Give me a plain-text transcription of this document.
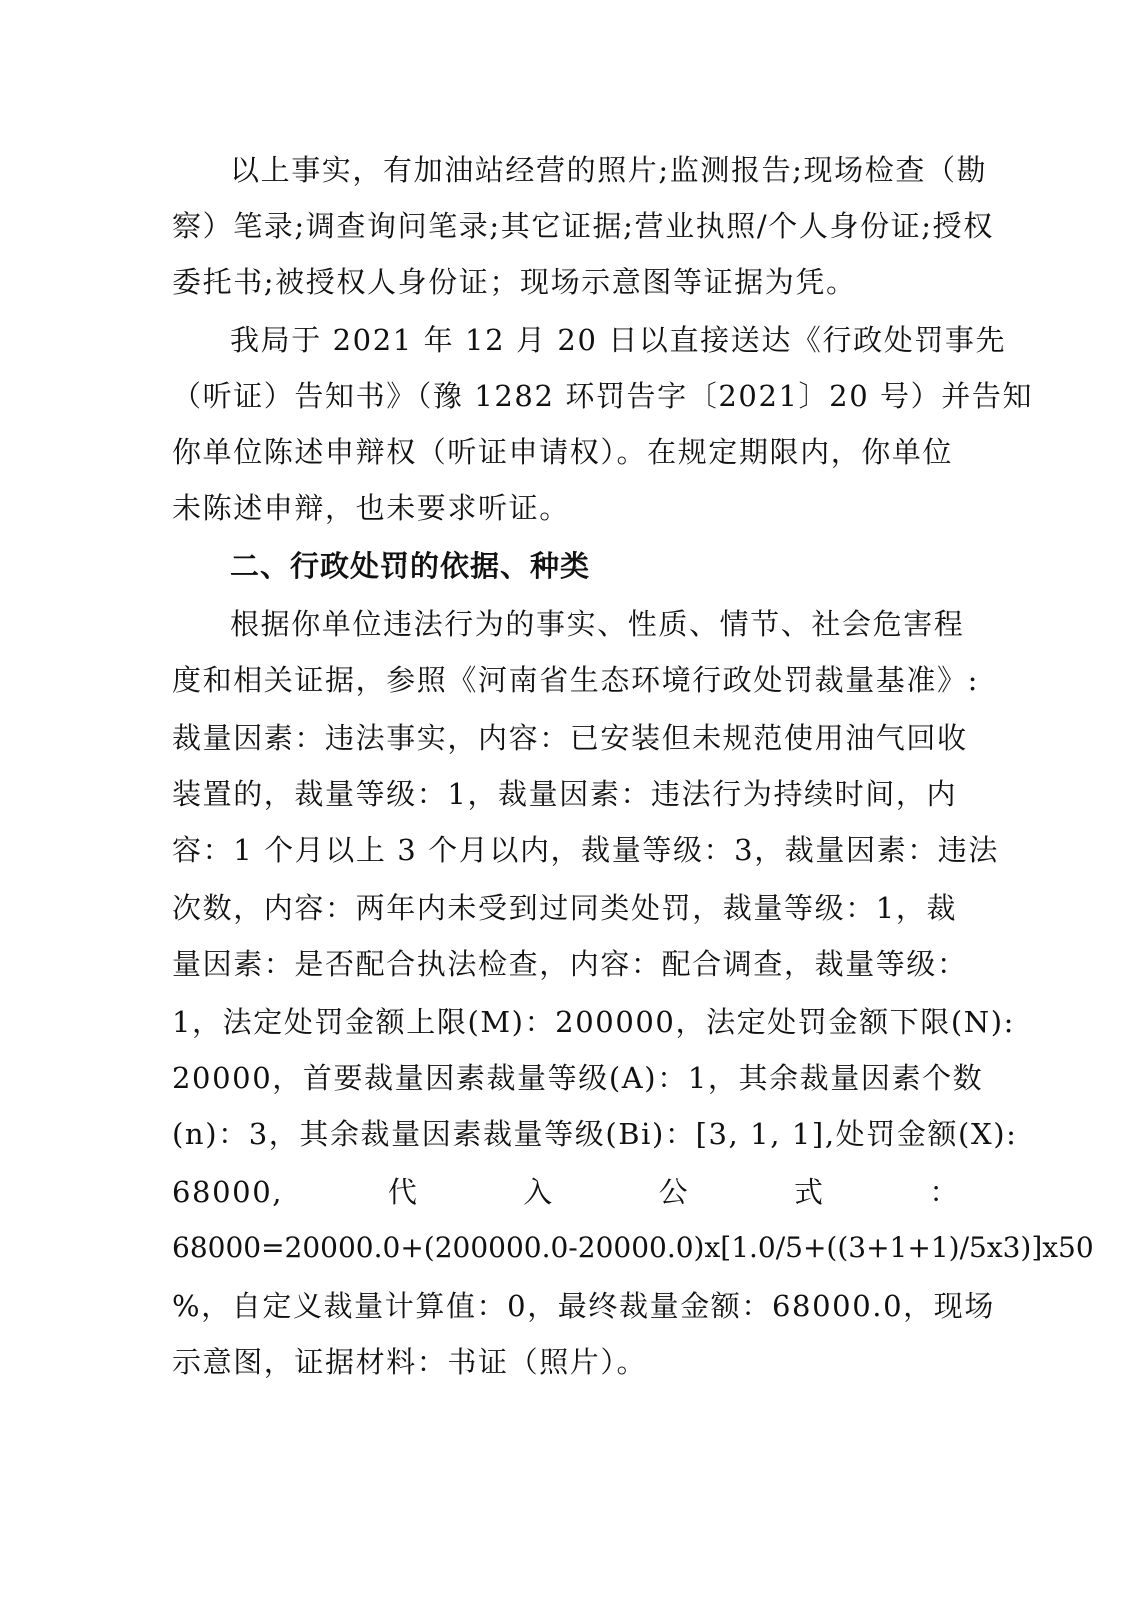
以上事实，有加油站经营的照片;监测报告;现场检查（勘
察）笔录;调查询问笔录;其它证据;营业执照/个人身份证;授权
委托书;被授权人身份证；现场示意图等证据为凭。
我局于 2021 年 12 月 20 日以直接送达《行政处罚事先
（听证）告知书》（豫 1282 环罚告字〔2021〕20 号）并告知
你单位陈述申辩权（听证申请权）。在规定期限内，你单位
未陈述申辩，也未要求听证。
二、行政处罚的依据、种类
根据你单位违法行为的事实、性质、情节、社会危害程
度和相关证据，参照《河南省生态环境行政处罚裁量基准》:
裁量因素：违法事实，内容：已安装但未规范使用油气回收
装置的，裁量等级：1，裁量因素：违法行为持续时间，内
容：1 个月以上 3 个月以内，裁量等级：3，裁量因素：违法
次数，内容：两年内未受到过同类处罚，裁量等级：1，裁
量因素：是否配合执法检查，内容：配合调查，裁量等级：
1，法定处罚金额上限(M)：200000，法定处罚金额下限(N):
20000，首要裁量因素裁量等级(A)：1，其余裁量因素个数
(n)：3，其余裁量因素裁量等级(Bi)：[3, 1, 1],处罚金额(X):
68000,	代	入	公	式	：
68000=20000.0+(200000.0-20000.0)x[1.0/5+((3+1+1)/5x3)]x50
%，自定义裁量计算值：0，最终裁量金额：68000.0，现场
示意图，证据材料：书证（照片）。
